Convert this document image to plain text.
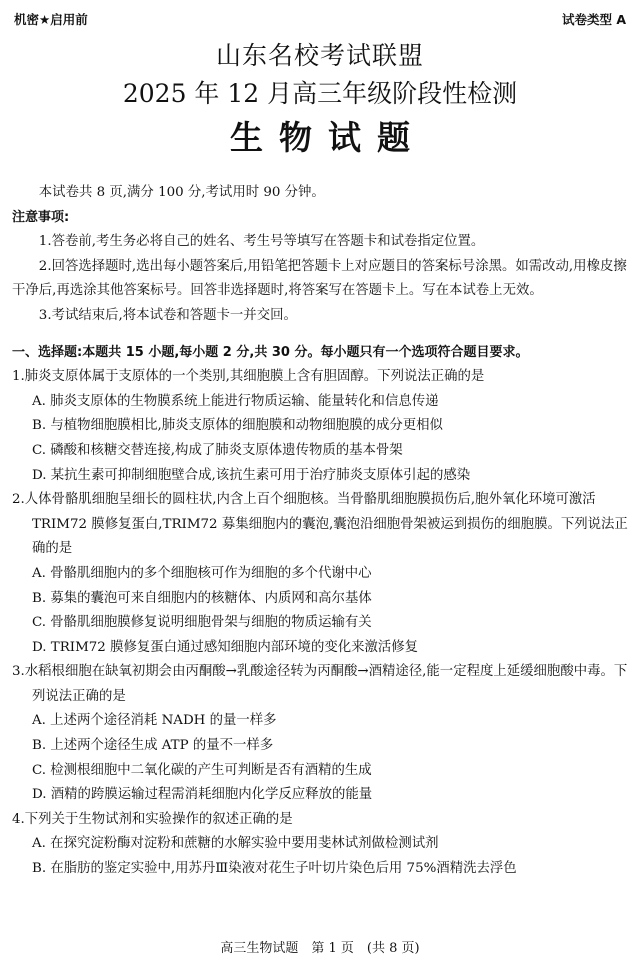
机密★启用前	试卷类型 A
山东名校考试联盟
2025 年 12 月高三年级阶段性检测
生物试题

本试卷共 8 页,满分 100 分,考试用时 90 分钟。

注意事项:

1.答卷前,考生务必将自己的姓名、考生号等填写在答题卡和试卷指定位置。

2.回答选择题时,选出每小题答案后,用铅笔把答题卡上对应题目的答案标号涂黑。如需改动,用橡皮擦干净后,再选涂其他答案标号。回答非选择题时,将答案写在答题卡上。写在本试卷上无效。

3.考试结束后,将本试卷和答题卡一并交回。

一、选择题:本题共 15 小题,每小题 2 分,共 30 分。每小题只有一个选项符合题目要求。

1.肺炎支原体属于支原体的一个类别,其细胞膜上含有胆固醇。下列说法正确的是

A. 肺炎支原体的生物膜系统上能进行物质运输、能量转化和信息传递

B. 与植物细胞膜相比,肺炎支原体的细胞膜和动物细胞膜的成分更相似

C. 磷酸和核糖交替连接,构成了肺炎支原体遗传物质的基本骨架

D. 某抗生素可抑制细胞壁合成,该抗生素可用于治疗肺炎支原体引起的感染

2.人体骨骼肌细胞呈细长的圆柱状,内含上百个细胞核。当骨骼肌细胞膜损伤后,胞外氧化环境可激活 TRIM72 膜修复蛋白,TRIM72 募集细胞内的囊泡,囊泡沿细胞骨架被运到损伤的细胞膜。下列说法正确的是

A. 骨骼肌细胞内的多个细胞核可作为细胞的多个代谢中心

B. 募集的囊泡可来自细胞内的核糖体、内质网和高尔基体

C. 骨骼肌细胞膜修复说明细胞骨架与细胞的物质运输有关

D. TRIM72 膜修复蛋白通过感知细胞内部环境的变化来激活修复

3.水稻根细胞在缺氧初期会由丙酮酸→乳酸途径转为丙酮酸→酒精途径,能一定程度上延缓细胞酸中毒。下列说法正确的是

A. 上述两个途径消耗 NADH 的量一样多

B. 上述两个途径生成 ATP 的量不一样多

C. 检测根细胞中二氧化碳的产生可判断是否有酒精的生成

D. 酒精的跨膜运输过程需消耗细胞内化学反应释放的能量

4.下列关于生物试剂和实验操作的叙述正确的是

A. 在探究淀粉酶对淀粉和蔗糖的水解实验中要用斐林试剂做检测试剂

B. 在脂肪的鉴定实验中,用苏丹Ⅲ染液对花生子叶切片染色后用 75%酒精洗去浮色

高三生物试题　第 1 页　(共 8 页)
